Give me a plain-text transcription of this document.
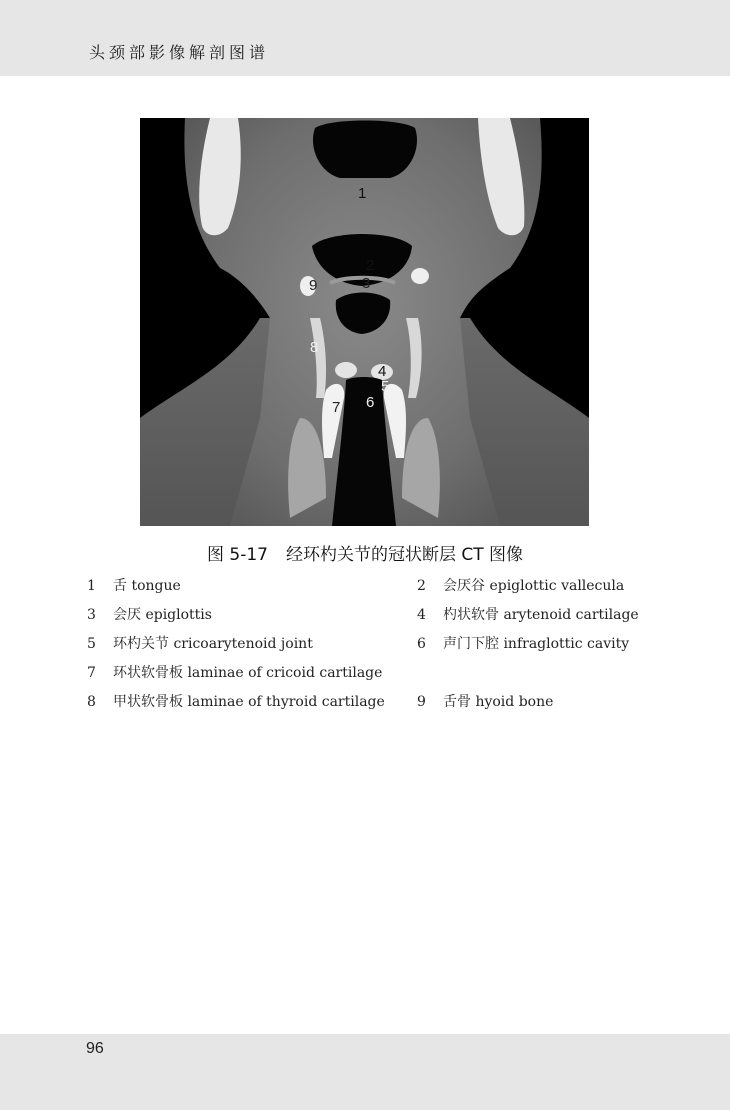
头颈部影像解剖图谱
1
2
3
4
5
6
7
8
9
图 5-17 经环杓关节的冠状断层 CT 图像
1 舌 tongue	2 会厌谷 epiglottic vallecula
3 会厌 epiglottis	4 杓状软骨 arytenoid cartilage
5 环杓关节 cricoarytenoid joint	6 声门下腔 infraglottic cavity
7 环状软骨板 laminae of cricoid cartilage
8 甲状软骨板 laminae of thyroid cartilage 9 舌骨 hyoid bone
96
